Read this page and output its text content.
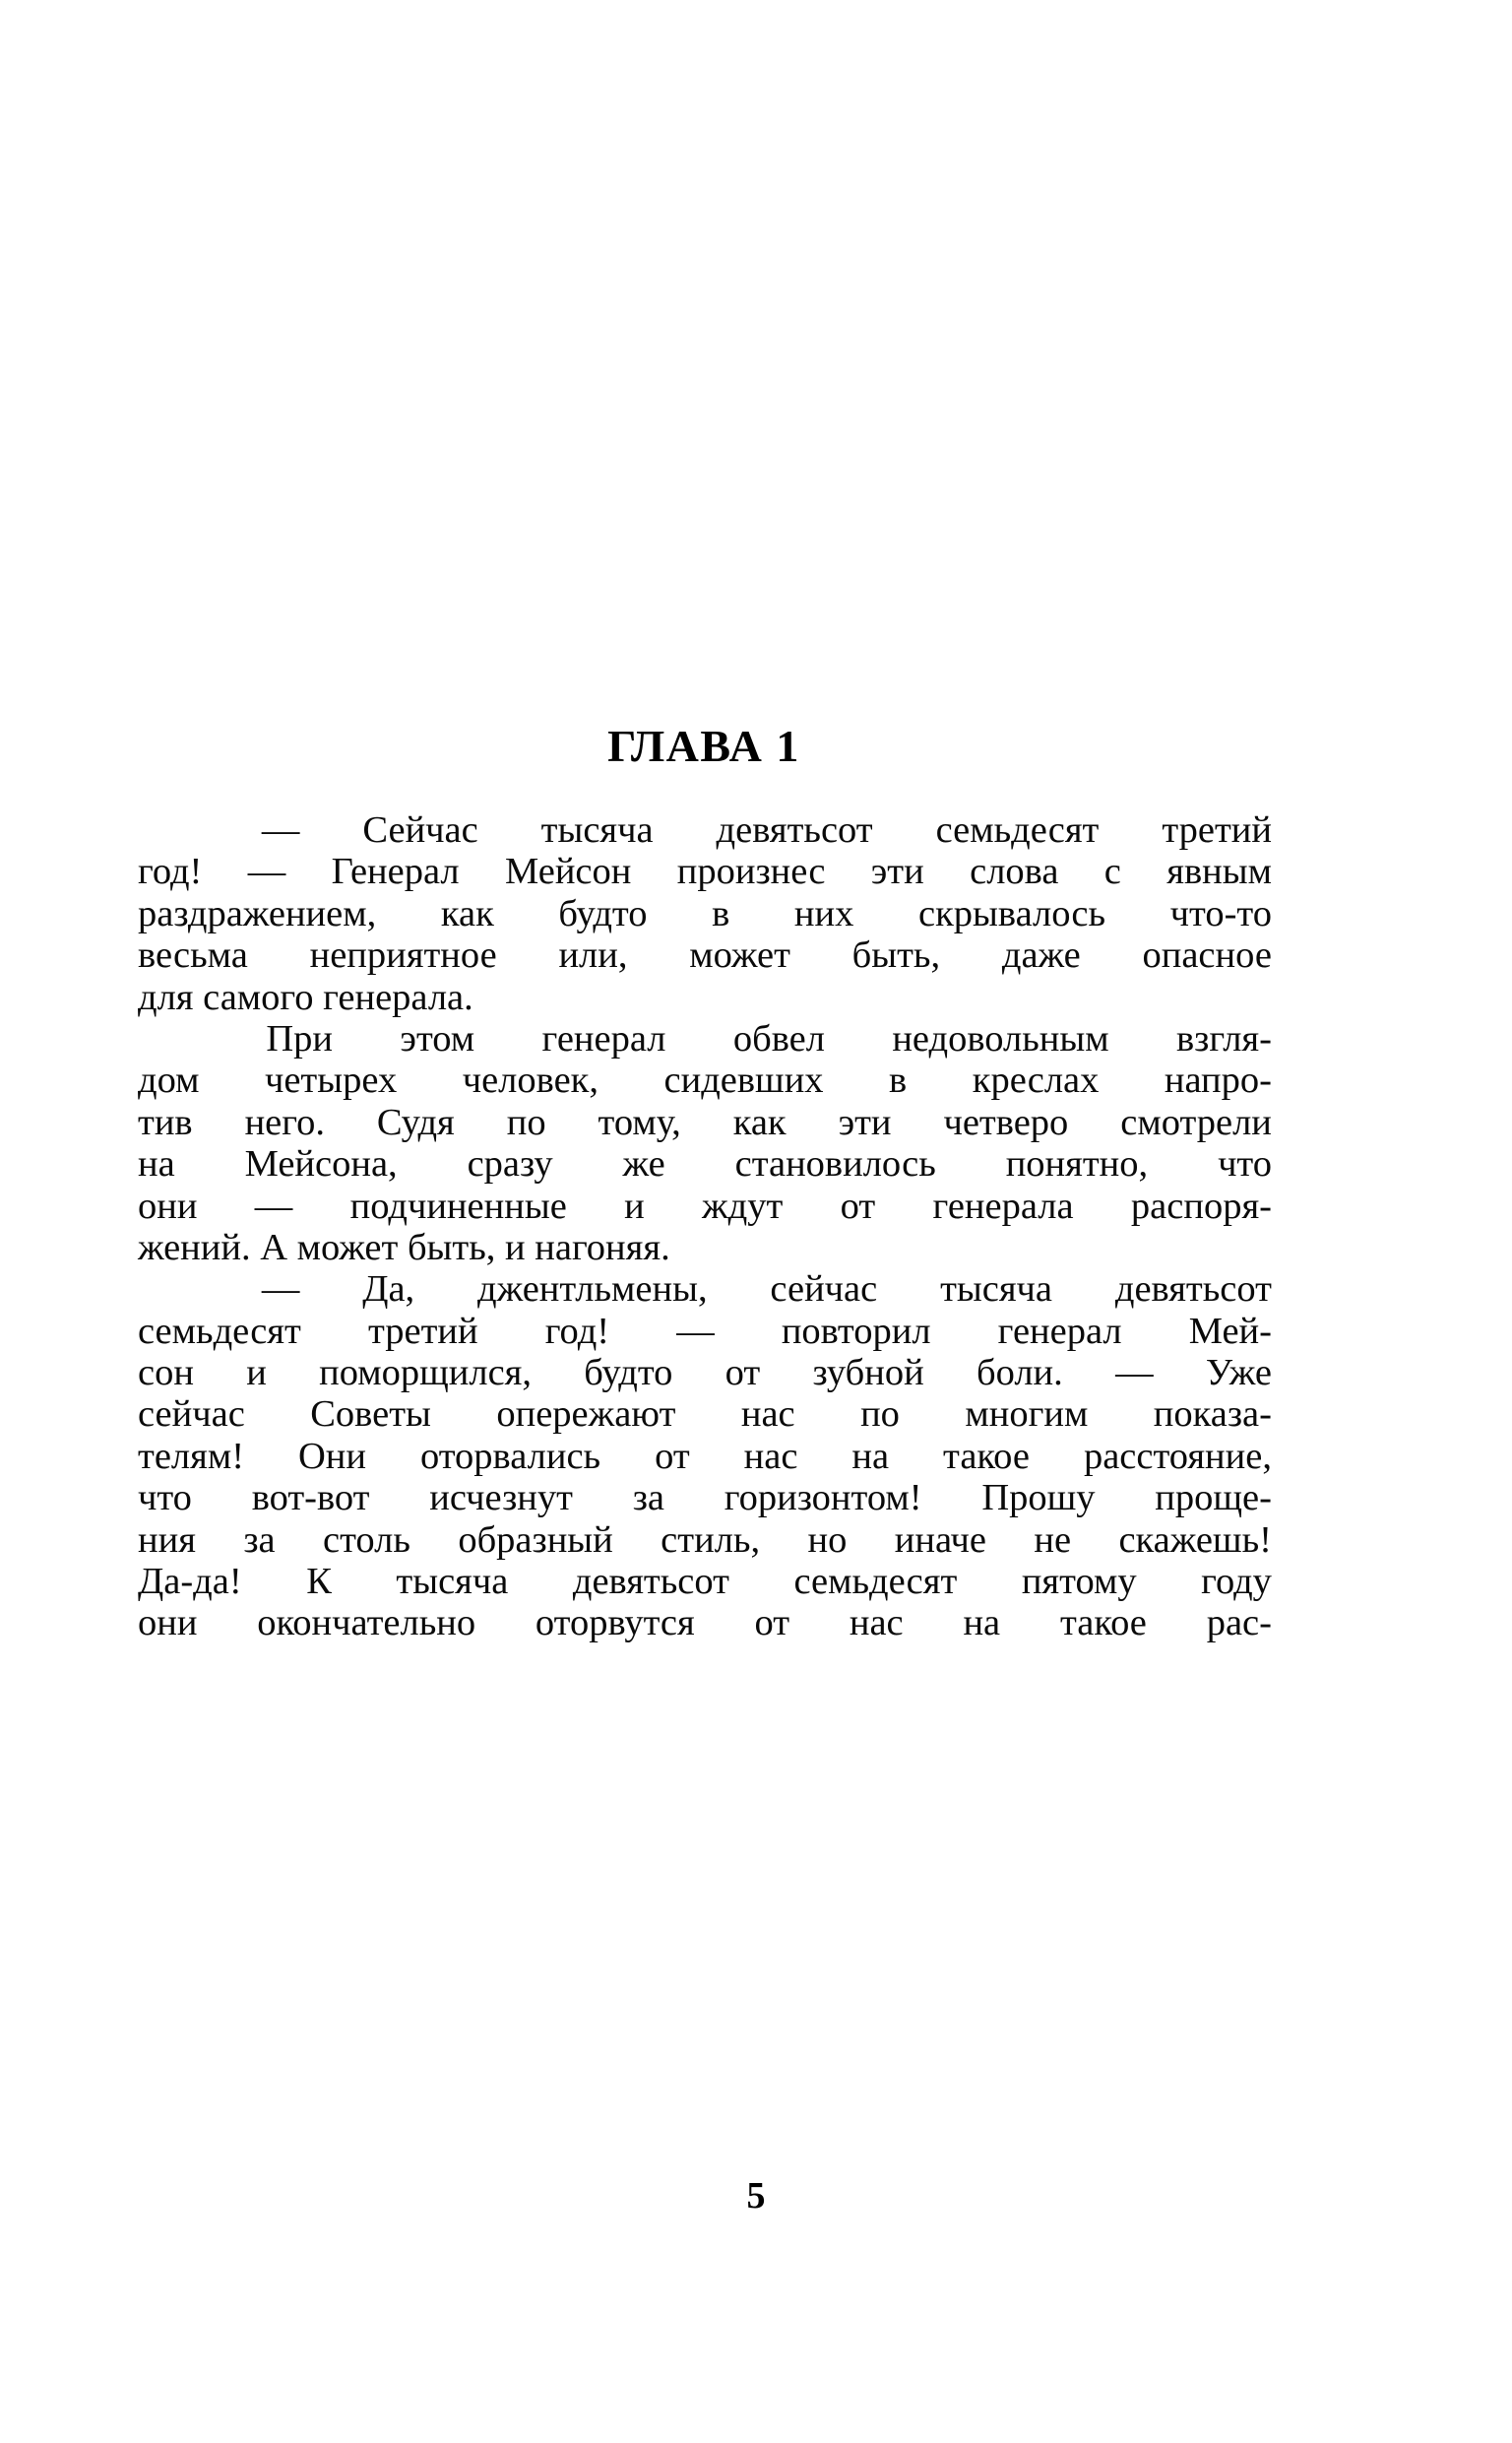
ГЛАВА 1
— Сейчас тысяча девятьсот семьдесят третий
год! — Генерал Мейсон произнес эти слова с явным
раздражением, как будто в них скрывалось что-то
весьма неприятное или, может быть, даже опасное
для самого генерала.
При этом генерал обвел недовольным взгля-
дом четырех человек, сидевших в креслах напро-
тив него. Судя по тому, как эти четверо смотрели
на Мейсона, сразу же становилось понятно, что
они — подчиненные и ждут от генерала распоря-
жений. А может быть, и нагоняя.
— Да, джентльмены, сейчас тысяча девятьсот
семьдесят третий год! — повторил генерал Мей-
сон и поморщился, будто от зубной боли. — Уже
сейчас Советы опережают нас по многим показа-
телям! Они оторвались от нас на такое расстояние,
что вот-вот исчезнут за горизонтом! Прошу проще-
ния за столь образный стиль, но иначе не скажешь!
Да-да! К тысяча девятьсот семьдесят пятому году
они окончательно оторвутся от нас на такое рас-
5
